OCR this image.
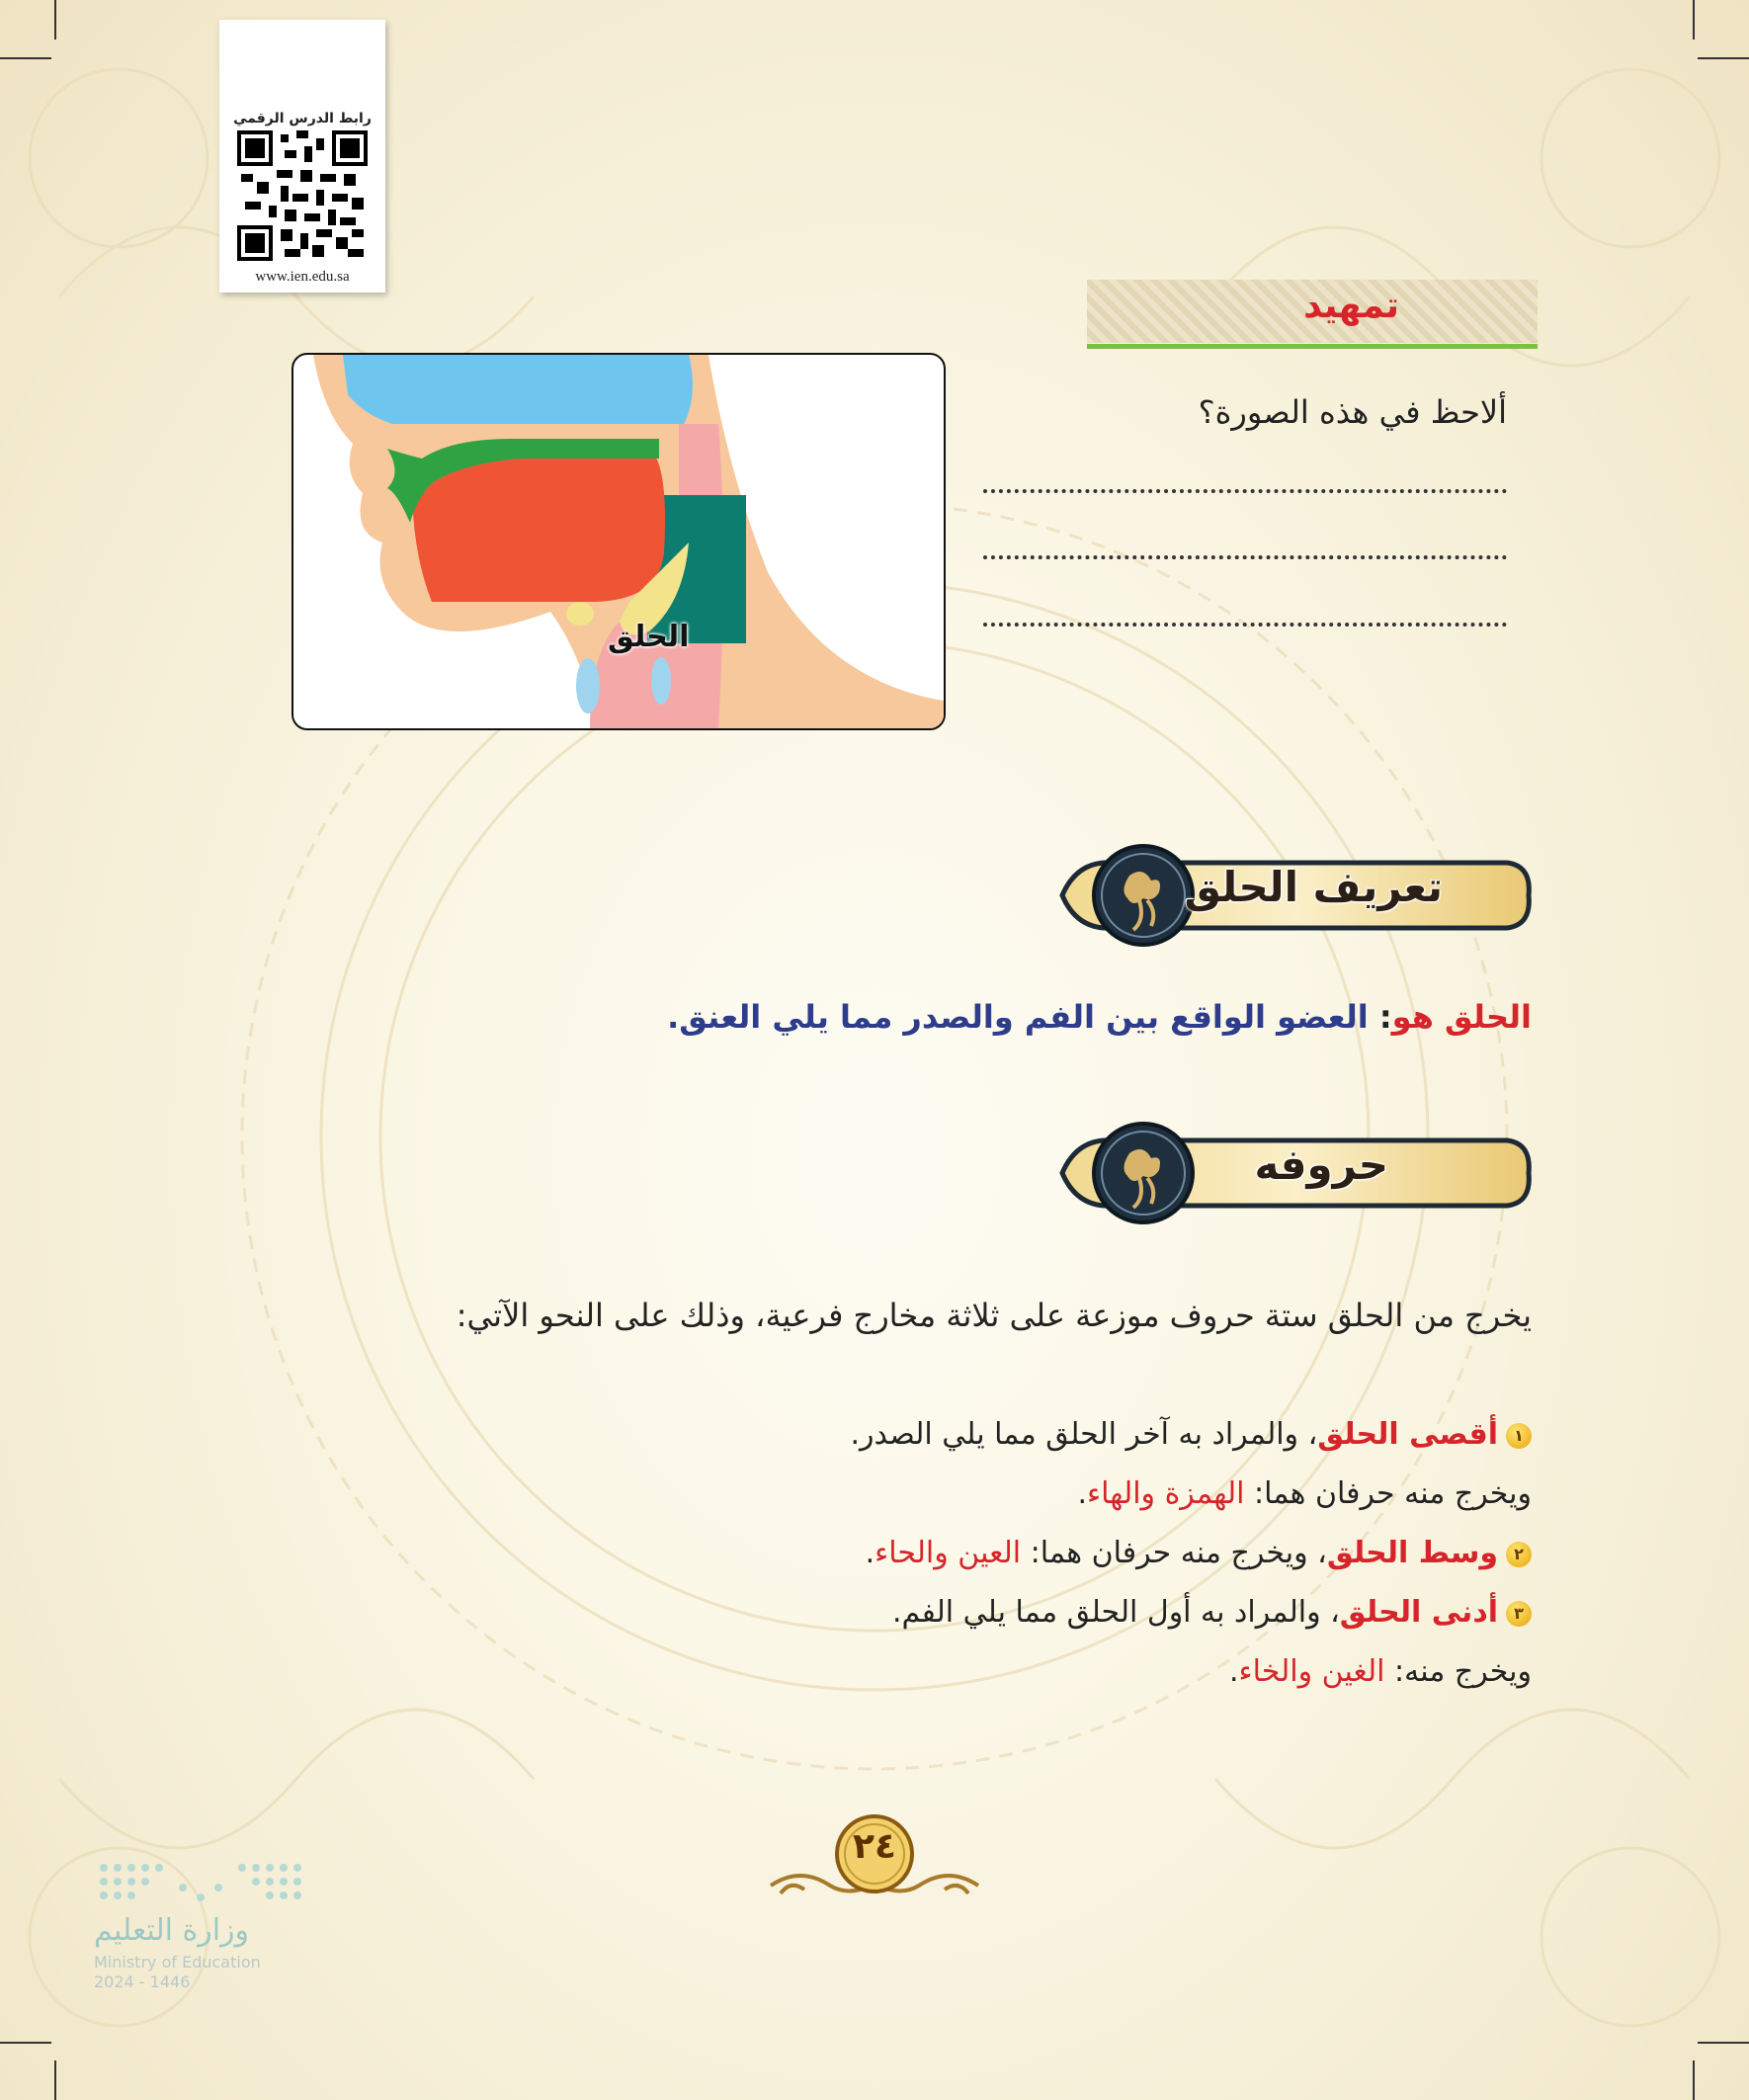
رابط الدرس الرقمي
www.ien.edu.sa
تمهيد
ألاحظ في هذه الصورة؟
الحلق
تعريف الحلق
الحلق هو: العضو الواقع بين الفم والصدر مما يلي العنق.
حروفه
يخرج من الحلق ستة حروف موزعة على ثلاثة مخارج فرعية، وذلك على النحو الآتي:
١أقصى الحلق، والمراد به آخر الحلق مما يلي الصدر.
ويخرج منه حرفان هما: الهمزة والهاء.
٢وسط الحلق، ويخرج منه حرفان هما: العين والحاء.
٣أدنى الحلق، والمراد به أول الحلق مما يلي الفم.
ويخرج منه: الغين والخاء.
٢٤
وزارة التعليم
Ministry of Education
2024 - 1446
